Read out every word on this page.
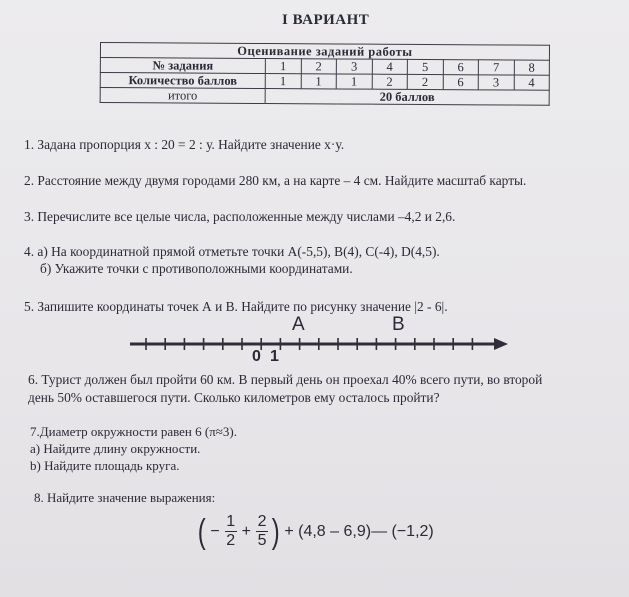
I ВАРИАНТ
Оценивание заданий работы								
№ задания	1	2	3	4	5	6	7	8
Количество баллов	1	1	1	2	2	6	3	4
итого	20 баллов							
1. Задана пропорция х : 20 = 2 : у. Найдите значение х·у.
2. Расстояние между двумя городами 280 км, а на карте – 4 см. Найдите масштаб карты.
3. Перечислите все целые числа, расположенные между числами –4,2 и 2,6.
4. а) На координатной прямой отметьте точки А(-5,5), В(4), С(-4), D(4,5).
б) Укажите точки с противоположными координатами.
5. Запишите координаты точек А и В. Найдите по рисунку значение |2 - 6|.
А	В
0 1
6. Турист должен был пройти 60 км. В первый день он проехал 40% всего пути, во второй
день 50% оставшегося пути. Сколько километров ему осталось пройти?
7.Диаметр окружности равен 6 (π≈3).
а) Найдите длину окружности.
b) Найдите площадь круга.
8. Найдите значение выражения:
( − $\frac{1}{2} + \frac{2}{5}$ ) + (4,8 – 6,9)— (−1,2)
